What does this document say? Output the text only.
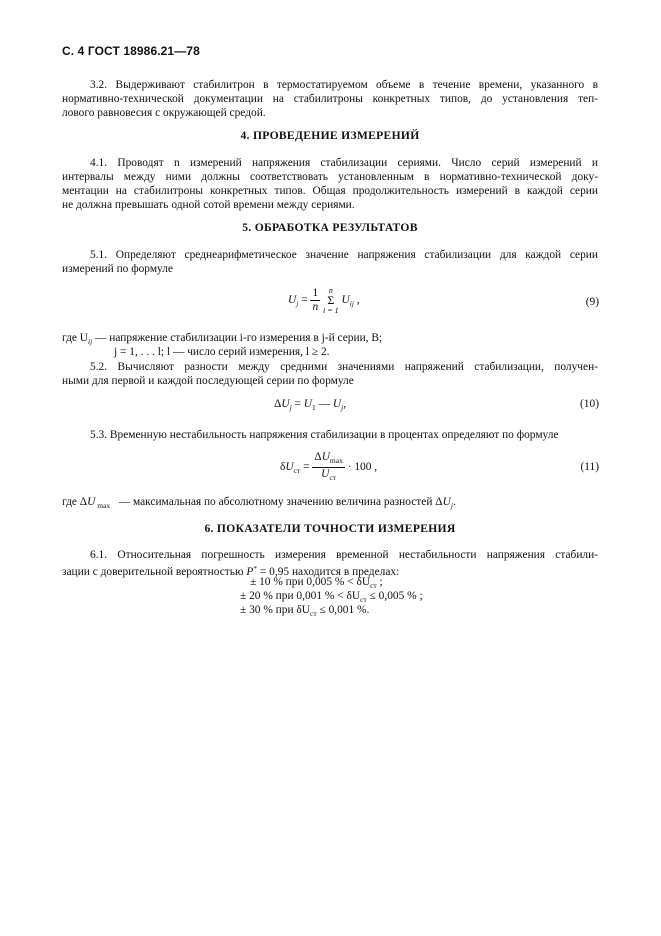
С. 4 ГОСТ 18986.21—78

3.2. Выдерживают стабилитрон в термостатируемом объеме в течение времени, указанного в
нормативно-технической документации на стабилитроны конкретных типов, до установления теп-
лового равновесия с окружающей средой.

4. ПРОВЕДЕНИЕ ИЗМЕРЕНИЙ

4.1. Проводят n измерений напряжения стабилизации сериями. Число серий измерений и
интервалы между ними должны соответствовать установленным в нормативно-технической доку-
ментации на стабилитроны конкретных типов. Общая продолжительность измерений в каждой серии
не должна превышать одной сотой времени между сериями.

5. ОБРАБОТКА РЕЗУЛЬТАТОВ

5.1. Определяют среднеарифметическое значение напряжения стабилизации для каждой серии
измерений по формуле

$U_j = \frac{1}{n}$
	n
Σ
i = 1
$U_{ij}$ ,	(9)
где $U_{ij}$ — напряжение стабилизации i-го измерения в j-й серии, В;
j = 1, . . . l; l — число серий измерения, l ≥ 2.

5.2. Вычисляют разности между средними значениями напряжений стабилизации, получен-
ными для первой и каждой последующей серии по формуле

$\Delta U_j = U_1$ — $U_j$,	(10)

5.3. Временную нестабильность напряжения стабилизации в процентах определяют по формуле

$\delta U_{ст} = \frac{\Delta U_{max}}{U_{ст}} \cdot 100$ ,	(11)
где ΔU $_{max}$ — максимальная по абсолютному значению величина разностей $\Delta U_j$.
6. ПОКАЗАТЕЛИ ТОЧНОСТИ ИЗМЕРЕНИЯ

6.1. Относительная погрешность измерения временной нестабильности напряжения стабили-
зации с доверительной вероятностью P* = 0,95 находится в пределах:

± 10 % при 0,005 % < $\delta U_{ст}$ ;
± 20 % при 0,001 % < $\delta U_{ст} \le 0,005$ % ;
± 30 % при $\delta U_{ст} \le 0,001$ %.
